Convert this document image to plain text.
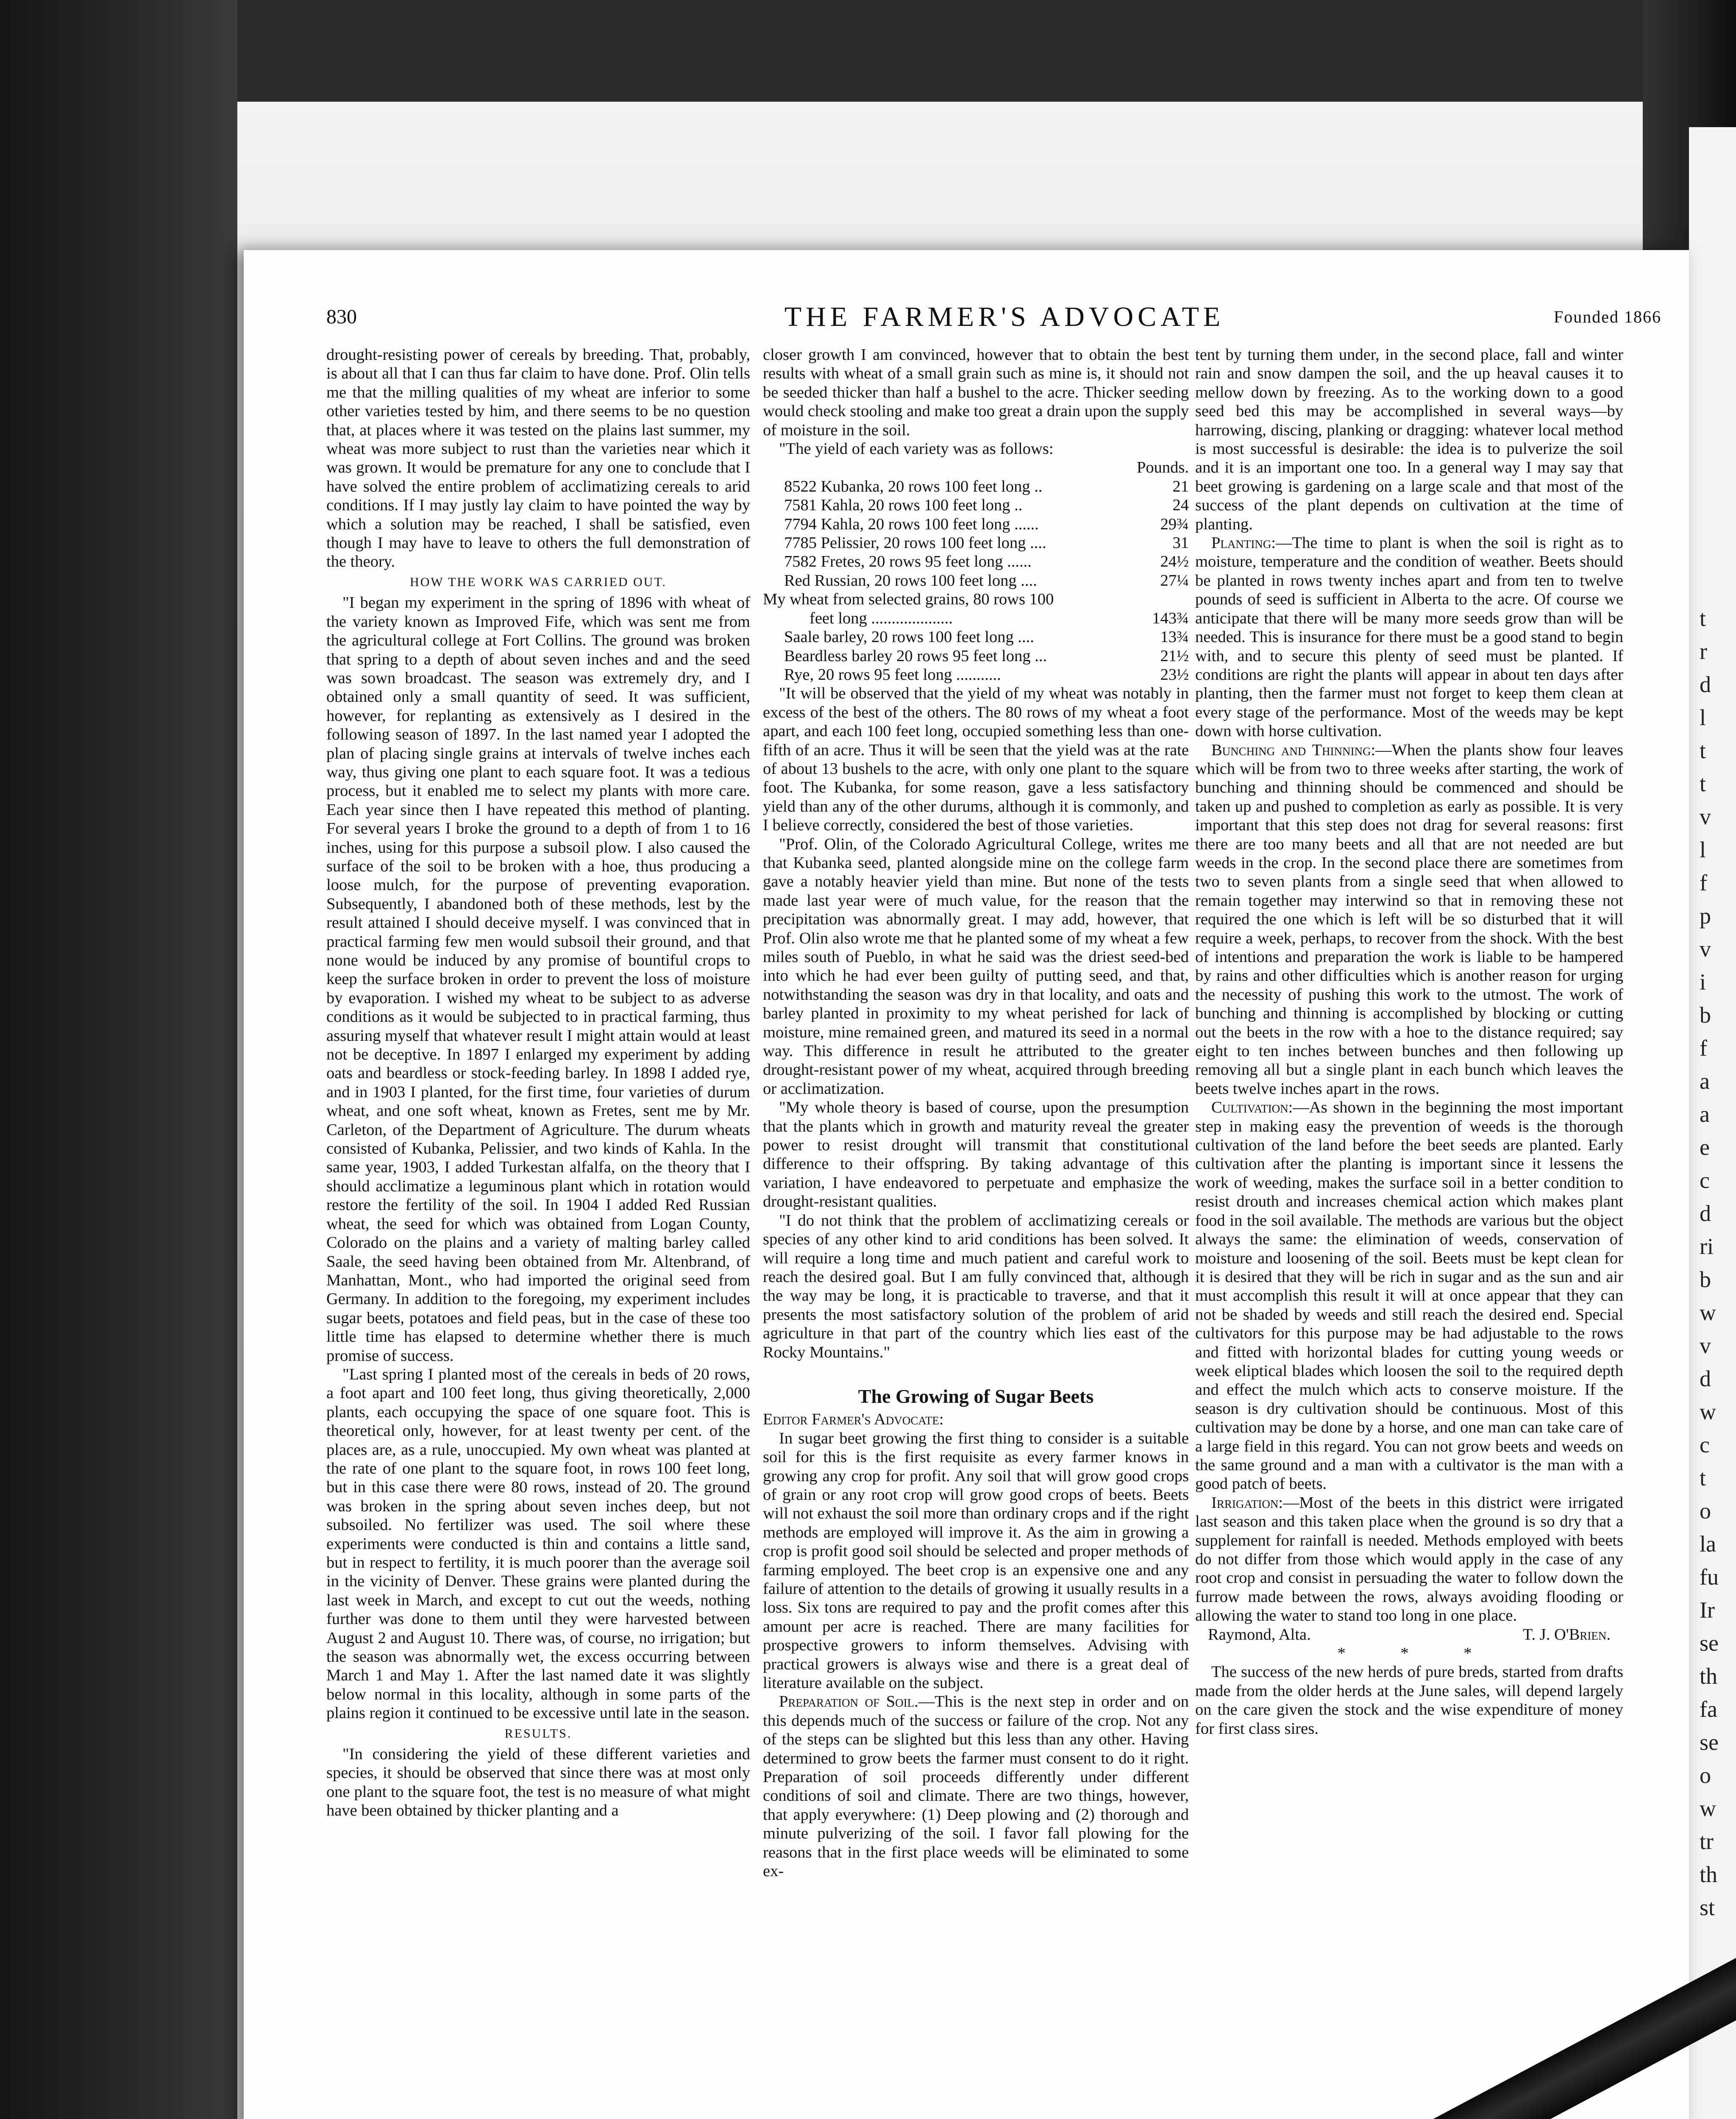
t
r
d
l
t
t
v
l
f
p
v
i
b
f
a
a
e
c
d
ri
b
w
v
d
w
c
t
o
la
fu
Ir
se
th
fa
se
o
w
tr
th
st
830	THE FARMER'S ADVOCATE	Founded 1866

drought-resisting power of cereals by breeding. That, probably, is about all that I can thus far claim to have done. Prof. Olin tells me that the milling qualities of my wheat are inferior to some other varieties tested by him, and there seems to be no question that, at places where it was tested on the plains last summer, my wheat was more subject to rust than the varieties near which it was grown. It would be premature for any one to conclude that I have solved the entire problem of acclimatizing cereals to arid conditions. If I may justly lay claim to have pointed the way by which a solution may be reached, I shall be satisfied, even though I may have to leave to others the full demonstration of the theory.

HOW THE WORK WAS CARRIED OUT.

"I began my experiment in the spring of 1896 with wheat of the variety known as Improved Fife, which was sent me from the agricultural college at Fort Collins. The ground was broken that spring to a depth of about seven inches and and the seed was sown broadcast. The season was extremely dry, and I obtained only a small quantity of seed. It was sufficient, however, for replanting as extensively as I desired in the following season of 1897. In the last named year I adopted the plan of placing single grains at intervals of twelve inches each way, thus giving one plant to each square foot. It was a tedious process, but it enabled me to select my plants with more care. Each year since then I have repeated this method of planting. For several years I broke the ground to a depth of from 1 to 16 inches, using for this purpose a subsoil plow. I also caused the surface of the soil to be broken with a hoe, thus producing a loose mulch, for the purpose of preventing evaporation. Subsequently, I abandoned both of these methods, lest by the result attained I should deceive myself. I was convinced that in practical farming few men would subsoil their ground, and that none would be induced by any promise of bountiful crops to keep the surface broken in order to prevent the loss of moisture by evaporation. I wished my wheat to be subject to as adverse conditions as it would be subjected to in practical farming, thus assuring myself that whatever result I might attain would at least not be deceptive. In 1897 I enlarged my experiment by adding oats and beardless or stock-feeding barley. In 1898 I added rye, and in 1903 I planted, for the first time, four varieties of durum wheat, and one soft wheat, known as Fretes, sent me by Mr. Carleton, of the Department of Agriculture. The durum wheats consisted of Kubanka, Pelissier, and two kinds of Kahla. In the same year, 1903, I added Turkestan alfalfa, on the theory that I should acclimatize a leguminous plant which in rotation would restore the fertility of the soil. In 1904 I added Red Russian wheat, the seed for which was obtained from Logan County, Colorado on the plains and a variety of malting barley called Saale, the seed having been obtained from Mr. Altenbrand, of Manhattan, Mont., who had imported the original seed from Germany. In addition to the foregoing, my experiment includes sugar beets, potatoes and field peas, but in the case of these too little time has elapsed to determine whether there is much promise of success.

"Last spring I planted most of the cereals in beds of 20 rows, a foot apart and 100 feet long, thus giving theoretically, 2,000 plants, each occupying the space of one square foot. This is theoretical only, however, for at least twenty per cent. of the places are, as a rule, unoccupied. My own wheat was planted at the rate of one plant to the square foot, in rows 100 feet long, but in this case there were 80 rows, instead of 20. The ground was broken in the spring about seven inches deep, but not subsoiled. No fertilizer was used. The soil where these experiments were conducted is thin and contains a little sand, but in respect to fertility, it is much poorer than the average soil in the vicinity of Denver. These grains were planted during the last week in March, and except to cut out the weeds, nothing further was done to them until they were harvested between August 2 and August 10. There was, of course, no irrigation; but the season was abnormally wet, the excess occurring between March 1 and May 1. After the last named date it was slightly below normal in this locality, although in some parts of the plains region it continued to be excessive until late in the season.

RESULTS.

"In considering the yield of these different varieties and species, it should be observed that since there was at most only one plant to the square foot, the test is no measure of what might have been obtained by thicker planting and a

closer growth I am convinced, however that to obtain the best results with wheat of a small grain such as mine is, it should not be seeded thicker than half a bushel to the acre. Thicker seeding would check stooling and make too great a drain upon the supply of moisture in the soil.

"The yield of each variety was as follows:

Pounds.
8522 Kubanka, 20 rows 100 feet long ..	21
7581 Kahla, 20 rows 100 feet long ..	24
7794 Kahla, 20 rows 100 feet long ......	29¾
7785 Pelissier, 20 rows 100 feet long ....	31
7582 Fretes, 20 rows 95 feet long ......	24½
Red Russian, 20 rows 100 feet long ....	27¼
My wheat from selected grains, 80 rows 100
feet long ....................	143¾
Saale barley, 20 rows 100 feet long ....	13¾
Beardless barley 20 rows 95 feet long ...	21½
Rye, 20 rows 95 feet long ...........	23½

"It will be observed that the yield of my wheat was notably in excess of the best of the others. The 80 rows of my wheat a foot apart, and each 100 feet long, occupied something less than one-fifth of an acre. Thus it will be seen that the yield was at the rate of about 13 bushels to the acre, with only one plant to the square foot. The Kubanka, for some reason, gave a less satisfactory yield than any of the other durums, although it is commonly, and I believe correctly, considered the best of those varieties.

"Prof. Olin, of the Colorado Agricultural College, writes me that Kubanka seed, planted alongside mine on the college farm gave a notably heavier yield than mine. But none of the tests made last year were of much value, for the reason that the precipitation was abnormally great. I may add, however, that Prof. Olin also wrote me that he planted some of my wheat a few miles south of Pueblo, in what he said was the driest seed-bed into which he had ever been guilty of putting seed, and that, notwithstanding the season was dry in that locality, and oats and barley planted in proximity to my wheat perished for lack of moisture, mine remained green, and matured its seed in a normal way. This difference in result he attributed to the greater drought-resistant power of my wheat, acquired through breeding or acclimatization.

"My whole theory is based of course, upon the presumption that the plants which in growth and maturity reveal the greater power to resist drought will transmit that constitutional difference to their offspring. By taking advantage of this variation, I have endeavored to perpetuate and emphasize the drought-resistant qualities.

"I do not think that the problem of acclimatizing cereals or species of any other kind to arid conditions has been solved. It will require a long time and much patient and careful work to reach the desired goal. But I am fully convinced that, although the way may be long, it is practicable to traverse, and that it presents the most satisfactory solution of the problem of arid agriculture in that part of the country which lies east of the Rocky Mountains."

The Growing of Sugar Beets

Editor Farmer's Advocate:

In sugar beet growing the first thing to consider is a suitable soil for this is the first requisite as every farmer knows in growing any crop for profit. Any soil that will grow good crops of grain or any root crop will grow good crops of beets. Beets will not exhaust the soil more than ordinary crops and if the right methods are employed will improve it. As the aim in growing a crop is profit good soil should be selected and proper methods of farming employed. The beet crop is an expensive one and any failure of attention to the details of growing it usually results in a loss. Six tons are required to pay and the profit comes after this amount per acre is reached. There are many facilities for prospective growers to inform themselves. Advising with practical growers is always wise and there is a great deal of literature available on the subject.

Preparation of Soil.—This is the next step in order and on this depends much of the success or failure of the crop. Not any of the steps can be slighted but this less than any other. Having determined to grow beets the farmer must consent to do it right. Preparation of soil proceeds differently under different conditions of soil and climate. There are two things, however, that apply everywhere: (1) Deep plowing and (2) thorough and minute pulverizing of the soil. I favor fall plowing for the reasons that in the first place weeds will be eliminated to some ex-

tent by turning them under, in the second place, fall and winter rain and snow dampen the soil, and the up heaval causes it to mellow down by freezing. As to the working down to a good seed bed this may be accomplished in several ways—by harrowing, discing, planking or dragging: whatever local method is most successful is desirable: the idea is to pulverize the soil and it is an important one too. In a general way I may say that beet growing is gardening on a large scale and that most of the success of the plant depends on cultivation at the time of planting.

Planting:—The time to plant is when the soil is right as to moisture, temperature and the condition of weather. Beets should be planted in rows twenty inches apart and from ten to twelve pounds of seed is sufficient in Alberta to the acre. Of course we anticipate that there will be many more seeds grow than will be needed. This is insurance for there must be a good stand to begin with, and to secure this plenty of seed must be planted. If conditions are right the plants will appear in about ten days after planting, then the farmer must not forget to keep them clean at every stage of the performance. Most of the weeds may be kept down with horse cultivation.

Bunching and Thinning:—When the plants show four leaves which will be from two to three weeks after starting, the work of bunching and thinning should be commenced and should be taken up and pushed to completion as early as possible. It is very important that this step does not drag for several reasons: first there are too many beets and all that are not needed are but weeds in the crop. In the second place there are sometimes from two to seven plants from a single seed that when allowed to remain together may interwind so that in removing these not required the one which is left will be so disturbed that it will require a week, perhaps, to recover from the shock. With the best of intentions and preparation the work is liable to be hampered by rains and other difficulties which is another reason for urging the necessity of pushing this work to the utmost. The work of bunching and thinning is accomplished by blocking or cutting out the beets in the row with a hoe to the distance required; say eight to ten inches between bunches and then following up removing all but a single plant in each bunch which leaves the beets twelve inches apart in the rows.

Cultivation:—As shown in the beginning the most important step in making easy the prevention of weeds is the thorough cultivation of the land before the beet seeds are planted. Early cultivation after the planting is important since it lessens the work of weeding, makes the surface soil in a better condition to resist drouth and increases chemical action which makes plant food in the soil available. The methods are various but the object always the same: the elimination of weeds, conservation of moisture and loosening of the soil. Beets must be kept clean for it is desired that they will be rich in sugar and as the sun and air must accomplish this result it will at once appear that they can not be shaded by weeds and still reach the desired end. Special cultivators for this purpose may be had adjustable to the rows and fitted with horizontal blades for cutting young weeds or week eliptical blades which loosen the soil to the required depth and effect the mulch which acts to conserve moisture. If the season is dry cultivation should be continuous. Most of this cultivation may be done by a horse, and one man can take care of a large field in this regard. You can not grow beets and weeds on the same ground and a man with a cultivator is the man with a good patch of beets.

Irrigation:—Most of the beets in this district were irrigated last season and this taken place when the ground is so dry that a supplement for rainfall is needed. Methods employed with beets do not differ from those which would apply in the case of any root crop and consist in persuading the water to follow down the furrow made between the rows, always avoiding flooding or allowing the water to stand too long in one place.

Raymond, Alta.	T. J. O'Brien.

* * *

The success of the new herds of pure breds, started from drafts made from the older herds at the June sales, will depend largely on the care given the stock and the wise expenditure of money for first class sires.
